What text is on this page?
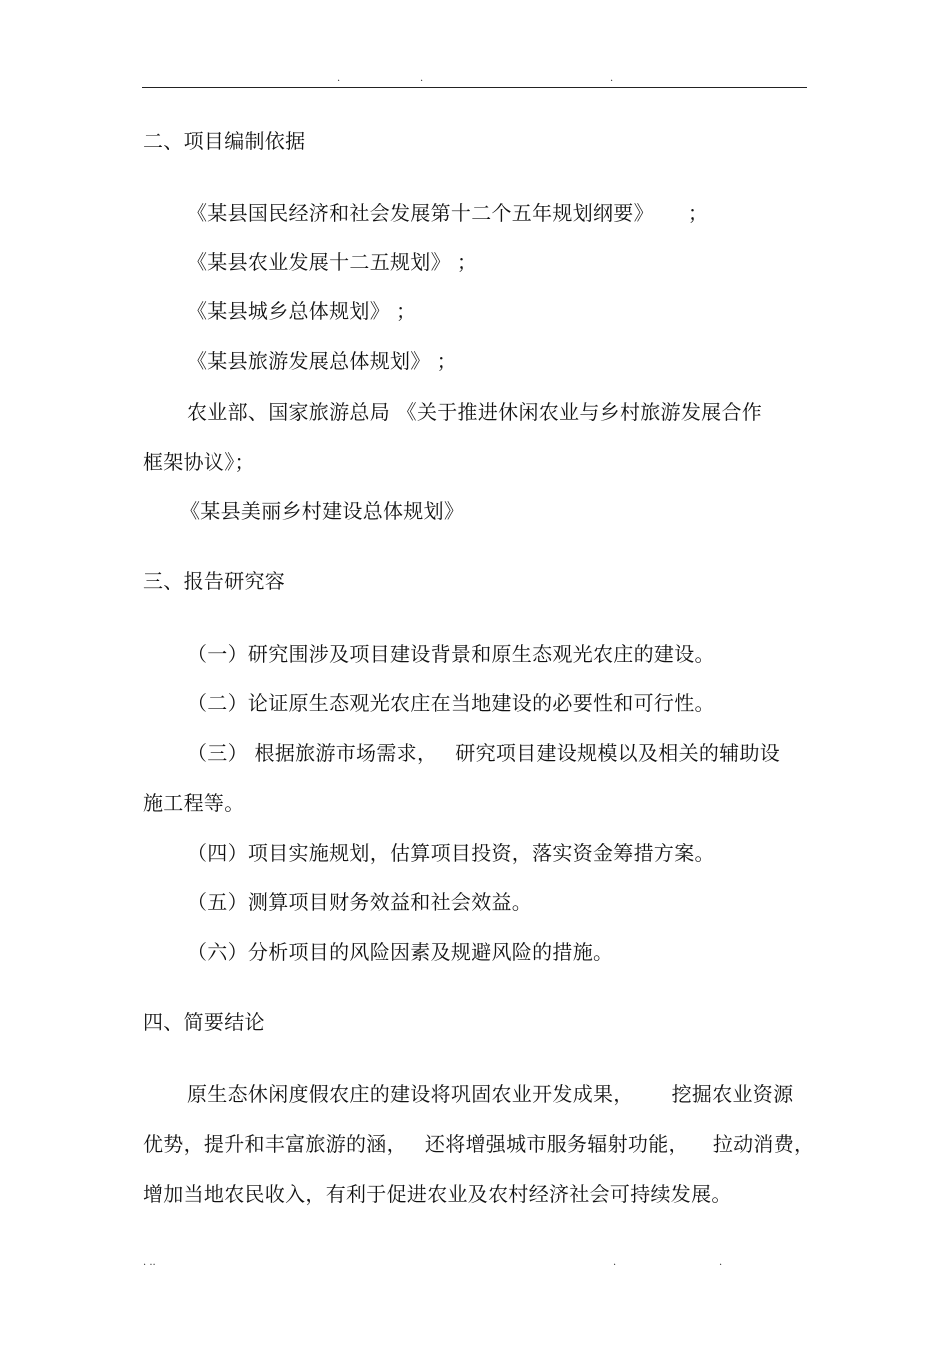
.	.	.
二、项目编制依据
《某县国民经济和社会发展第十二个五年规划纲要》 ；
《某县农业发展十二五规划》 ；
《某县城乡总体规划》 ；
《某县旅游发展总体规划》 ；
农业部、国家旅游总局 《关于推进休闲农业与乡村旅游发展合作
框架协议》；
《某县美丽乡村建设总体规划》
三、报告研究容
（一）研究围涉及项目建设背景和原生态观光农庄的建设。
（二）论证原生态观光农庄在当地建设的必要性和可行性。
（三） 根据旅游市场需求， 研究项目建设规模以及相关的辅助设
施工程等。
（四）项目实施规划，估算项目投资，落实资金筹措方案。
（五）测算项目财务效益和社会效益。
（六）分析项目的风险因素及规避风险的措施。
四、简要结论
原生态休闲度假农庄的建设将巩固农业开发成果， 挖掘农业资源
优势，提升和丰富旅游的涵， 还将增强城市服务辐射功能， 拉动消费，
增加当地农民收入，有利于促进农业及农村经济社会可持续发展。
. ..	.	.
